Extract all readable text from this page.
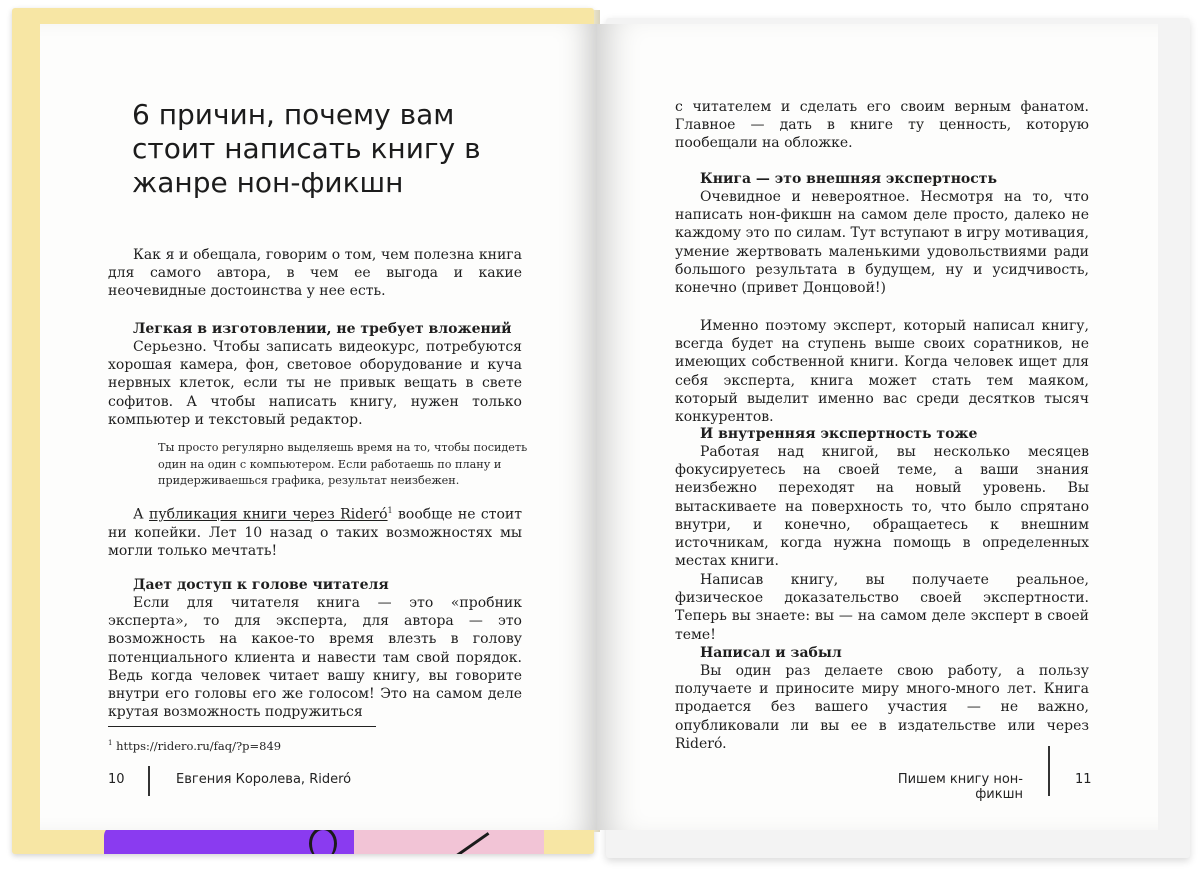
6 причин, почему вам стоит написать книгу в жанре нон-фикшн

Как я и обещала, говорим о том, чем полезна книга для самого автора, в чем ее выгода и какие неочевидные достоинства у нее есть.

Легкая в изготовлении, не требует вложений

Серьезно. Чтобы записать видеокурс, потребуются хорошая камера, фон, световое оборудование и куча нервных клеток, если ты не привык вещать в свете софитов. А чтобы написать книгу, нужен только компьютер и текстовый редактор.

Ты просто регулярно выделяешь время на то, чтобы посидеть один на один с компьютером. Если работаешь по плану и придерживаешься графика, результат неизбежен.

А публикация книги через Rideró$^1$ вообще не стоит ни копейки. Лет 10 назад о таких возможностях мы могли только мечтать!

Дает доступ к голове читателя

Если для читателя книга — это «пробник эксперта», то для эксперта, для автора — это возможность на какое-то время влезть в голову потенциального клиента и навести там свой порядок. Ведь когда человек читает вашу книгу, вы говорите внутри его головы его же голосом! Это на самом деле крутая возможность подружиться

$^1$ https://ridero.ru/faq/?p=849

10	Евгения Королева, Rideró

с читателем и сделать его своим верным фанатом. Главное — дать в книге ту ценность, которую пообещали на обложке.

Книга — это внешняя экспертность

Очевидное и невероятное. Несмотря на то, что написать нон-фикшн на самом деле просто, далеко не каждому это по силам. Тут вступают в игру мотивация, умение жертвовать маленькими удовольствиями ради большого результата в будущем, ну и усидчивость, конечно (привет Донцовой!)

Именно поэтому эксперт, который написал книгу, всегда будет на ступень выше своих соратников, не имеющих собственной книги. Когда человек ищет для себя эксперта, книга может стать тем маяком, который выделит именно вас среди десятков тысяч конкурентов.

И внутренняя экспертность тоже

Работая над книгой, вы несколько месяцев фокусируетесь на своей теме, а ваши знания неизбежно переходят на новый уровень. Вы вытаскиваете на поверхность то, что было спрятано внутри, и конечно, обращаетесь к внешним источникам, когда нужна помощь в определенных местах книги.

Написав книгу, вы получаете реальное, физическое доказательство своей экспертности. Теперь вы знаете: вы — на самом деле эксперт в своей теме!

Написал и забыл

Вы один раз делаете свою работу, а пользу получаете и приносите миру много-много лет. Книга продается без вашего участия — не важно, опубликовали ли вы ее в издательстве или через Rideró.

Пишем книгу нон-фикшн
11
